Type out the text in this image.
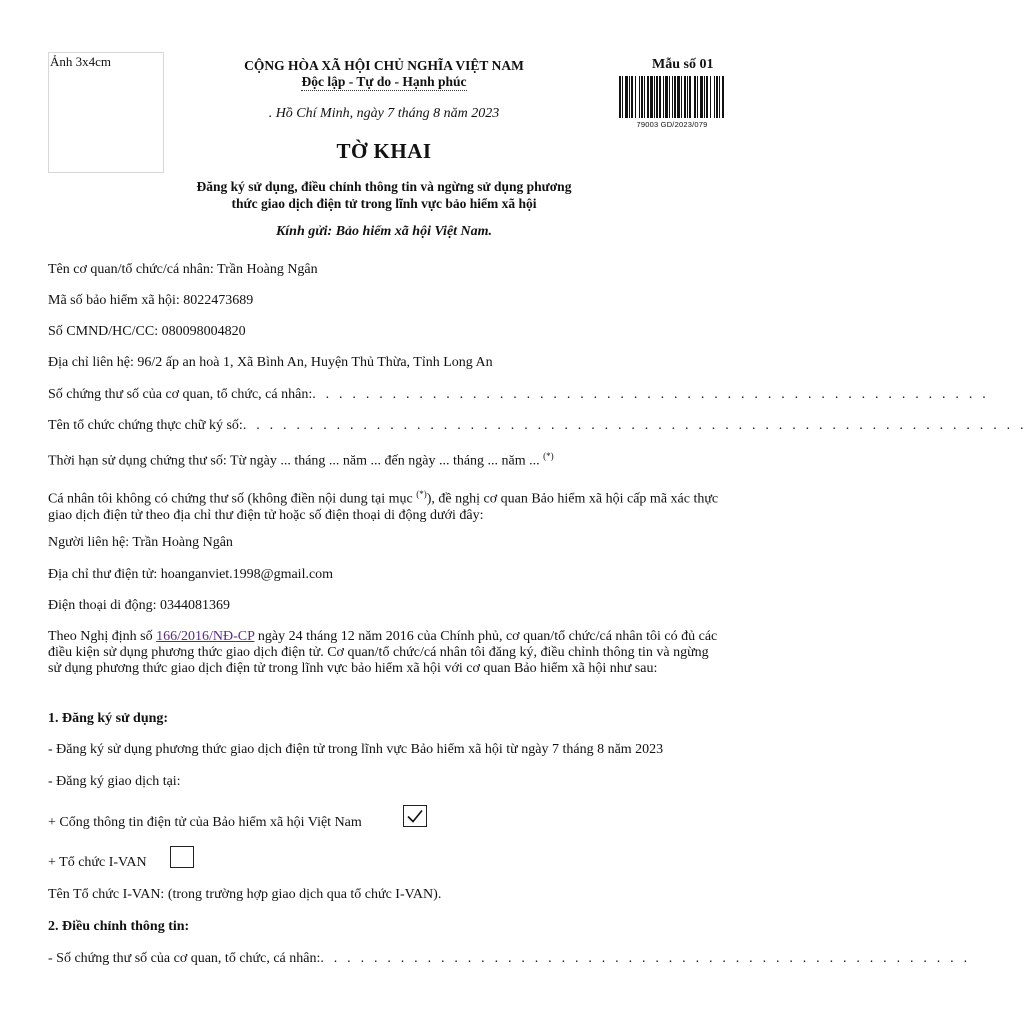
Ảnh 3x4cm	CỘNG HÒA XÃ HỘI CHỦ NGHĨA VIỆT NAM
Độc lập - Tự do - Hạnh phúc
Mẫu số 01
79003 GD/2023/079
. Hồ Chí Minh, ngày 7 tháng 8 năm 2023
TỜ KHAI
Đăng ký sử dụng, điều chỉnh thông tin và ngừng sử dụng phương
thức giao dịch điện tử trong lĩnh vực bảo hiểm xã hội
Kính gửi: Bảo hiểm xã hội Việt Nam.
Tên cơ quan/tổ chức/cá nhân: Trần Hoàng Ngân
Mã số bảo hiểm xã hội: 8022473689
Số CMND/HC/CC: 080098004820
Địa chỉ liên hệ: 96/2 ấp an hoà 1, Xã Bình An, Huyện Thủ Thừa, Tỉnh Long An
Số chứng thư số của cơ quan, tổ chức, cá nhân:. . . . . . . . . . . . . . . . . . . . . . . . . . . . . . . . . . . . . . . . . . . . . . . . . . .
Tên tổ chức chứng thực chữ ký số:. . . . . . . . . . . . . . . . . . . . . . . . . . . . . . . . . . . . . . . . . . . . . . . . . . . . . . . . . . .
Thời hạn sử dụng chứng thư số: Từ ngày ... tháng ... năm ... đến ngày ... tháng ... năm ... (*)
Cá nhân tôi không có chứng thư số (không điền nội dung tại mục (*)), đề nghị cơ quan Bảo hiểm xã hội cấp mã xác thực giao dịch điện tử theo địa chỉ thư điện tử hoặc số điện thoại di động dưới đây:
Người liên hệ: Trần Hoàng Ngân
Địa chỉ thư điện tử: hoanganviet.1998@gmail.com
Điện thoại di động: 0344081369
Theo Nghị định số 166/2016/NĐ-CP ngày 24 tháng 12 năm 2016 của Chính phủ, cơ quan/tổ chức/cá nhân tôi có đủ các điều kiện sử dụng phương thức giao dịch điện tử. Cơ quan/tổ chức/cá nhân tôi đăng ký, điều chỉnh thông tin và ngừng sử dụng phương thức giao dịch điện tử trong lĩnh vực bảo hiểm xã hội với cơ quan Bảo hiểm xã hội như sau:
1. Đăng ký sử dụng:
- Đăng ký sử dụng phương thức giao dịch điện tử trong lĩnh vực Bảo hiểm xã hội từ ngày 7 tháng 8 năm 2023
- Đăng ký giao dịch tại:
+ Cổng thông tin điện tử của Bảo hiểm xã hội Việt Nam
+ Tổ chức I-VAN
Tên Tổ chức I-VAN: (trong trường hợp giao dịch qua tổ chức I-VAN).
2. Điều chỉnh thông tin:
- Số chứng thư số của cơ quan, tổ chức, cá nhân:. . . . . . . . . . . . . . . . . . . . . . . . . . . . . . . . . . . . . . . . . . . . . . . . .
